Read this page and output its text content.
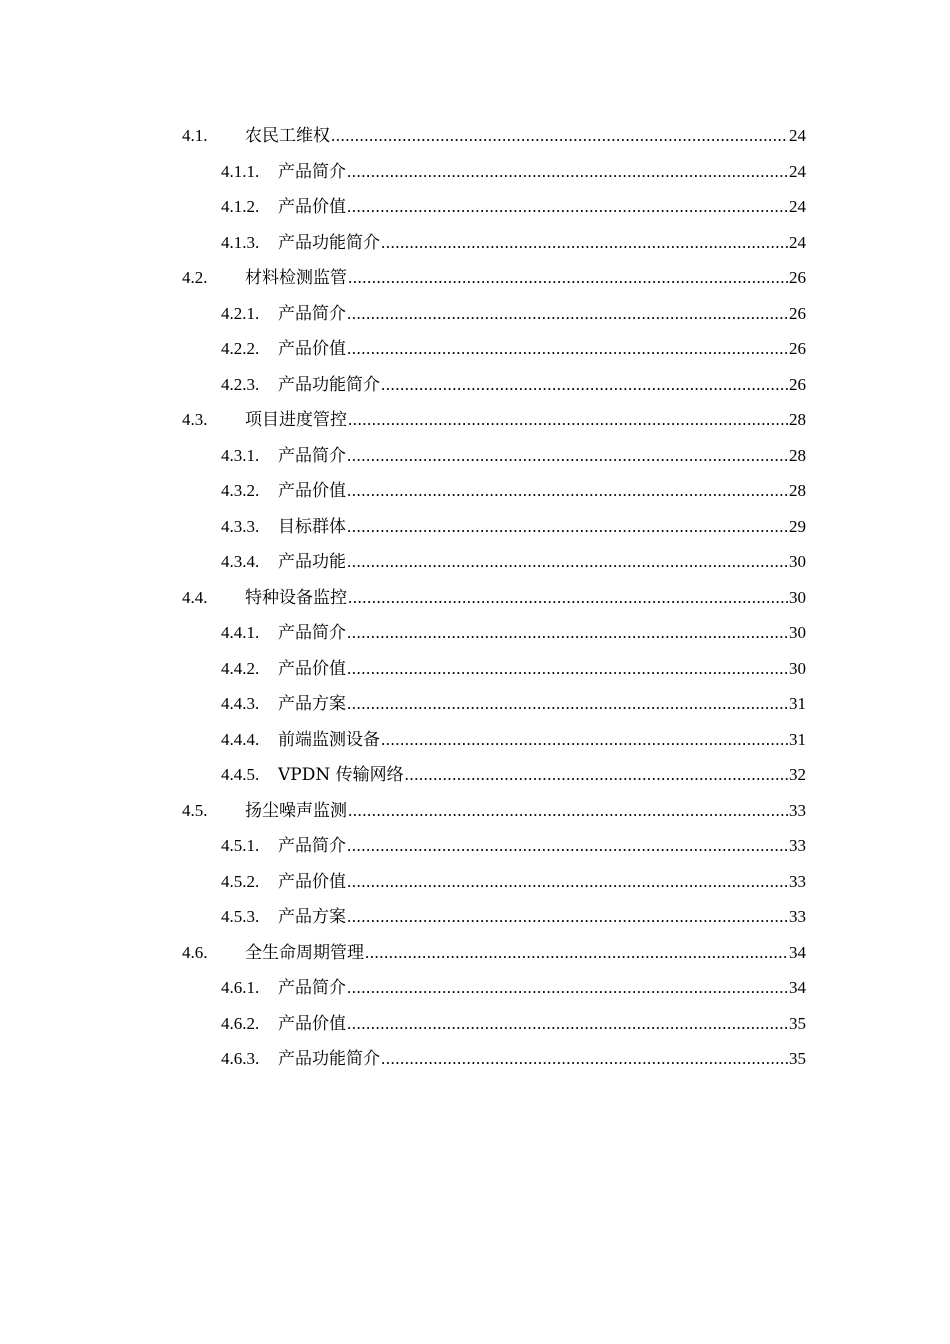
4.1.	农民工维权 .....	24
4.1.1.	产品简介 .....	24
4.1.2.	产品价值 .....	24
4.1.3.	产品功能简介 .....	24
4.2.	材料检测监管 .....	26
4.2.1.	产品简介 .....	26
4.2.2.	产品价值 .....	26
4.2.3.	产品功能简介 .....	26
4.3.	项目进度管控 .....	28
4.3.1.	产品简介 .....	28
4.3.2.	产品价值 .....	28
4.3.3.	目标群体 .....	29
4.3.4.	产品功能 .....	30
4.4.	特种设备监控 .....	30
4.4.1.	产品简介 .....	30
4.4.2.	产品价值 .....	30
4.4.3.	产品方案 .....	31
4.4.4.	前端监测设备 .....	31
4.4.5.	VPDN 传输网络 .....	32
4.5.	扬尘噪声监测 .....	33
4.5.1.	产品简介 .....	33
4.5.2.	产品价值 .....	33
4.5.3.	产品方案 .....	33
4.6.	全生命周期管理 .....	34
4.6.1.	产品简介 .....	34
4.6.2.	产品价值 .....	35
4.6.3.	产品功能简介 .....	35
